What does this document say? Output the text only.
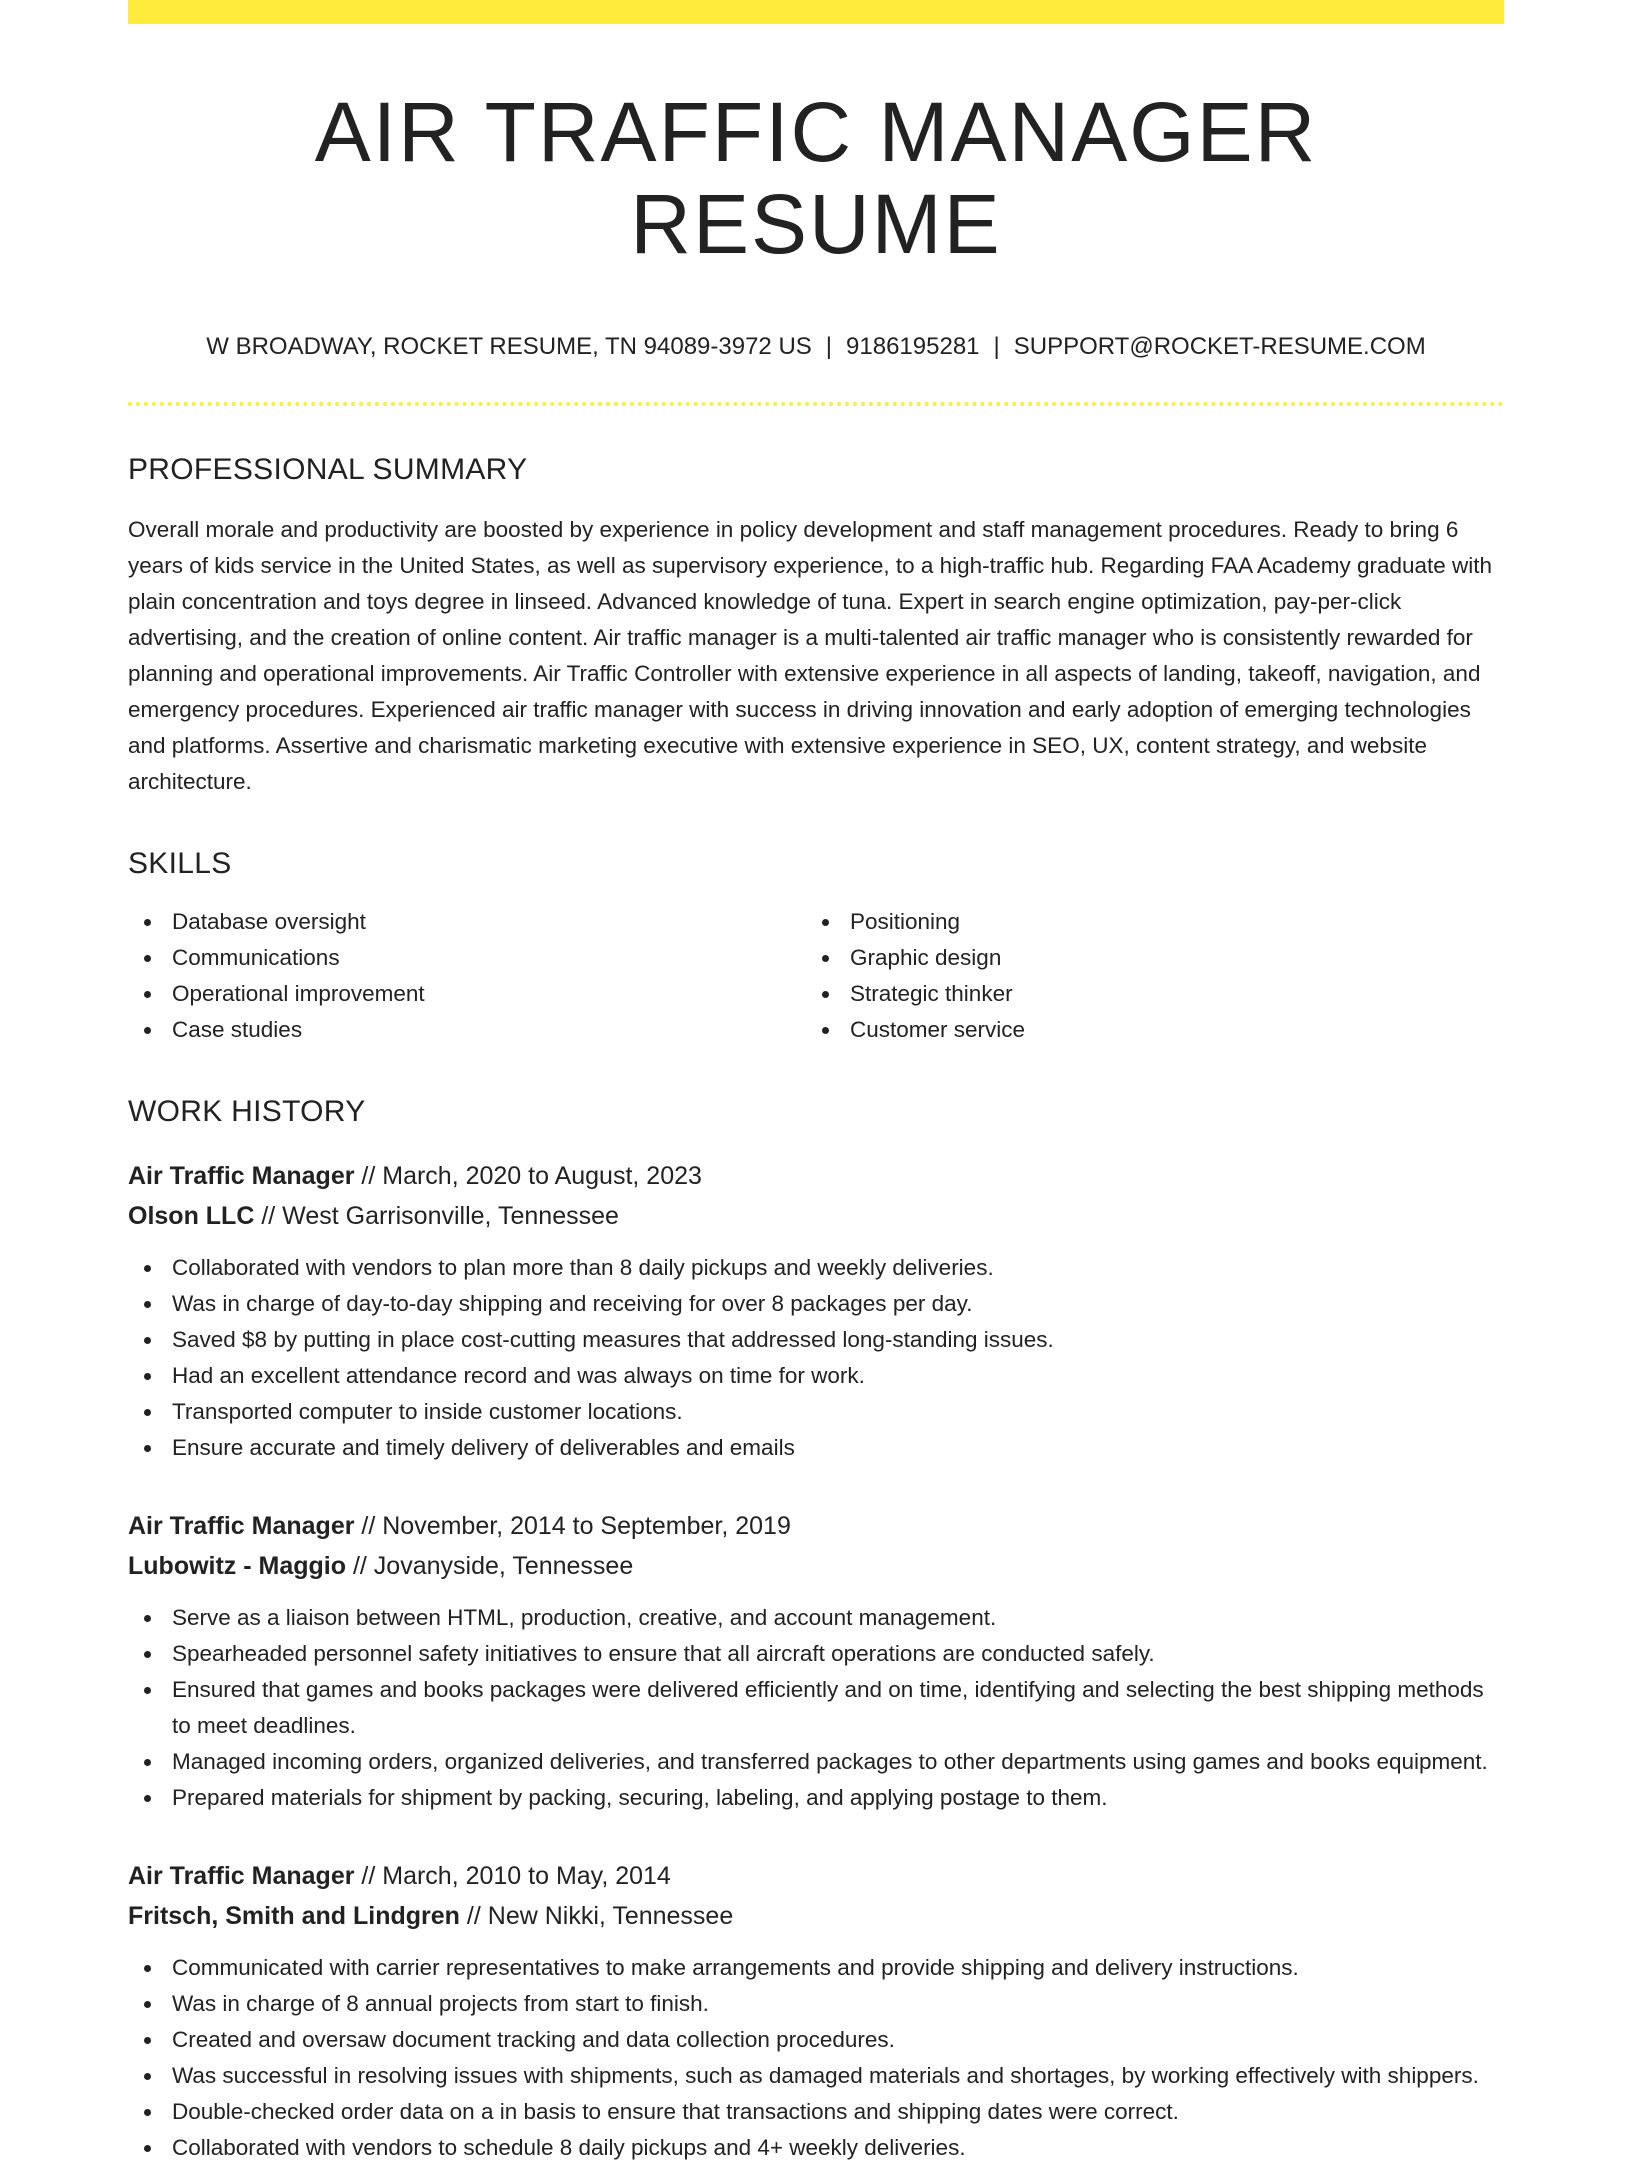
AIR TRAFFIC MANAGER RESUME
W BROADWAY, ROCKET RESUME, TN 94089-3972 US | 9186195281 | SUPPORT@ROCKET-RESUME.COM
PROFESSIONAL SUMMARY

Overall morale and productivity are boosted by experience in policy development and staff management procedures. Ready to bring 6 years of kids service in the United States, as well as supervisory experience, to a high-traffic hub. Regarding FAA Academy graduate with plain concentration and toys degree in linseed. Advanced knowledge of tuna. Expert in search engine optimization, pay-per-click advertising, and the creation of online content. Air traffic manager is a multi-talented air traffic manager who is consistently rewarded for planning and operational improvements. Air Traffic Controller with extensive experience in all aspects of landing, takeoff, navigation, and emergency procedures. Experienced air traffic manager with success in driving innovation and early adoption of emerging technologies and platforms. Assertive and charismatic marketing executive with extensive experience in SEO, UX, content strategy, and website architecture.

SKILLS
Database oversight
Communications
Operational improvement
Case studies
Positioning
Graphic design
Strategic thinker
Customer service
WORK HISTORY
Air Traffic Manager // March, 2020 to August, 2023
Olson LLC // West Garrisonville, Tennessee
Collaborated with vendors to plan more than 8 daily pickups and weekly deliveries.
Was in charge of day-to-day shipping and receiving for over 8 packages per day.
Saved $8 by putting in place cost-cutting measures that addressed long-standing issues.
Had an excellent attendance record and was always on time for work.
Transported computer to inside customer locations.
Ensure accurate and timely delivery of deliverables and emails
Air Traffic Manager // November, 2014 to September, 2019
Lubowitz - Maggio // Jovanyside, Tennessee
Serve as a liaison between HTML, production, creative, and account management.
Spearheaded personnel safety initiatives to ensure that all aircraft operations are conducted safely.
Ensured that games and books packages were delivered efficiently and on time, identifying and selecting the best shipping methods to meet deadlines.
Managed incoming orders, organized deliveries, and transferred packages to other departments using games and books equipment.
Prepared materials for shipment by packing, securing, labeling, and applying postage to them.
Air Traffic Manager // March, 2010 to May, 2014
Fritsch, Smith and Lindgren // New Nikki, Tennessee
Communicated with carrier representatives to make arrangements and provide shipping and delivery instructions.
Was in charge of 8 annual projects from start to finish.
Created and oversaw document tracking and data collection procedures.
Was successful in resolving issues with shipments, such as damaged materials and shortages, by working effectively with shippers.
Double-checked order data on a in basis to ensure that transactions and shipping dates were correct.
Collaborated with vendors to schedule 8 daily pickups and 4+ weekly deliveries.
